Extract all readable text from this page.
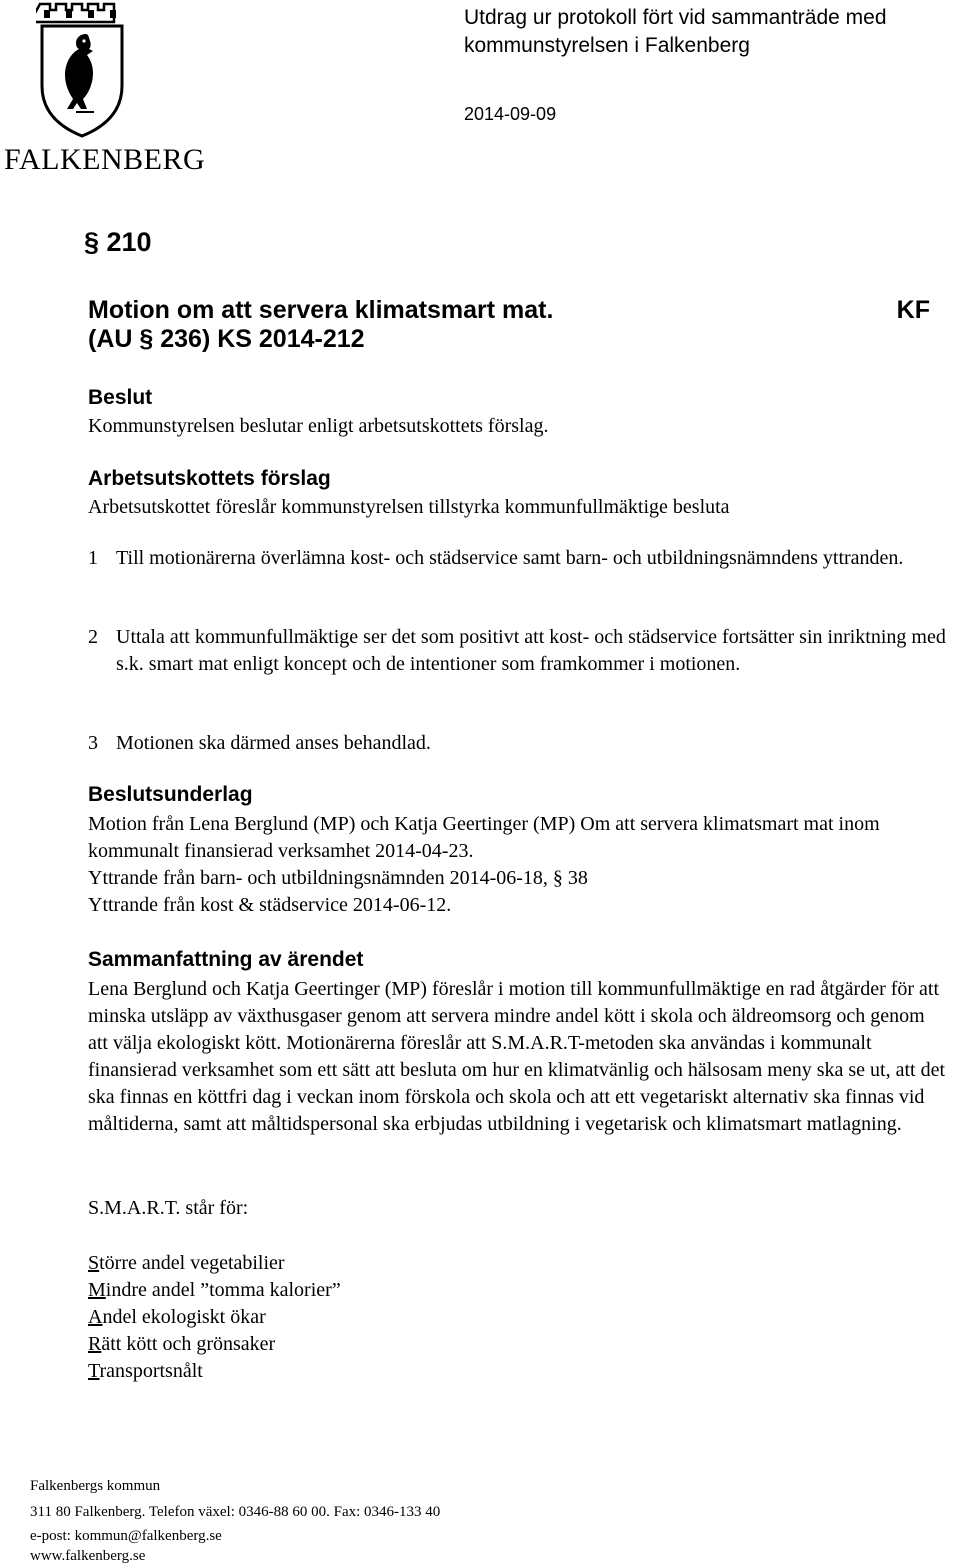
FALKENBERG
Utdrag ur protokoll fört vid sammanträde med kommunstyrelsen i Falkenberg
2014-09-09
§ 210
Motion om att servera klimatsmart mat.
(AU § 236) KS 2014-212
KF
Beslut
Kommunstyrelsen beslutar enligt arbetsutskottets förslag.
Arbetsutskottets förslag
Arbetsutskottet föreslår kommunstyrelsen tillstyrka kommunfullmäktige besluta
1 Till motionärerna överlämna kost- och städservice samt barn- och utbildningsnämndens yttranden.
2 Uttala att kommunfullmäktige ser det som positivt att kost- och städservice fortsätter sin inriktning med s.k. smart mat enligt koncept och de intentioner som framkommer i motionen.
3 Motionen ska därmed anses behandlad.
Beslutsunderlag
Motion från Lena Berglund (MP) och Katja Geertinger (MP) Om att servera klimatsmart mat inom kommunalt finansierad verksamhet 2014-04-23.
Yttrande från barn- och utbildningsnämnden 2014-06-18, § 38
Yttrande från kost & städservice 2014-06-12.
Sammanfattning av ärendet
Lena Berglund och Katja Geertinger (MP) föreslår i motion till kommunfullmäktige en rad åtgärder för att minska utsläpp av växthusgaser genom att servera mindre andel kött i skola och äldreomsorg och genom att välja ekologiskt kött. Motionärerna föreslår att S.M.A.R.T-metoden ska användas i kommunalt finansierad verksamhet som ett sätt att besluta om hur en klimatvänlig och hälsosam meny ska se ut, att det ska finnas en köttfri dag i veckan inom förskola och skola och att ett vegetariskt alternativ ska finnas vid måltiderna, samt att måltidspersonal ska erbjudas utbildning i vegetarisk och klimatsmart matlagning.
S.M.A.R.T. står för:
Större andel vegetabilier
Mindre andel ”tomma kalorier”
Andel ekologiskt ökar
Rätt kött och grönsaker
Transportsnålt
Falkenbergs kommun
311 80 Falkenberg. Telefon växel: 0346-88 60 00. Fax: 0346-133 40
e-post: kommun@falkenberg.se
www.falkenberg.se
